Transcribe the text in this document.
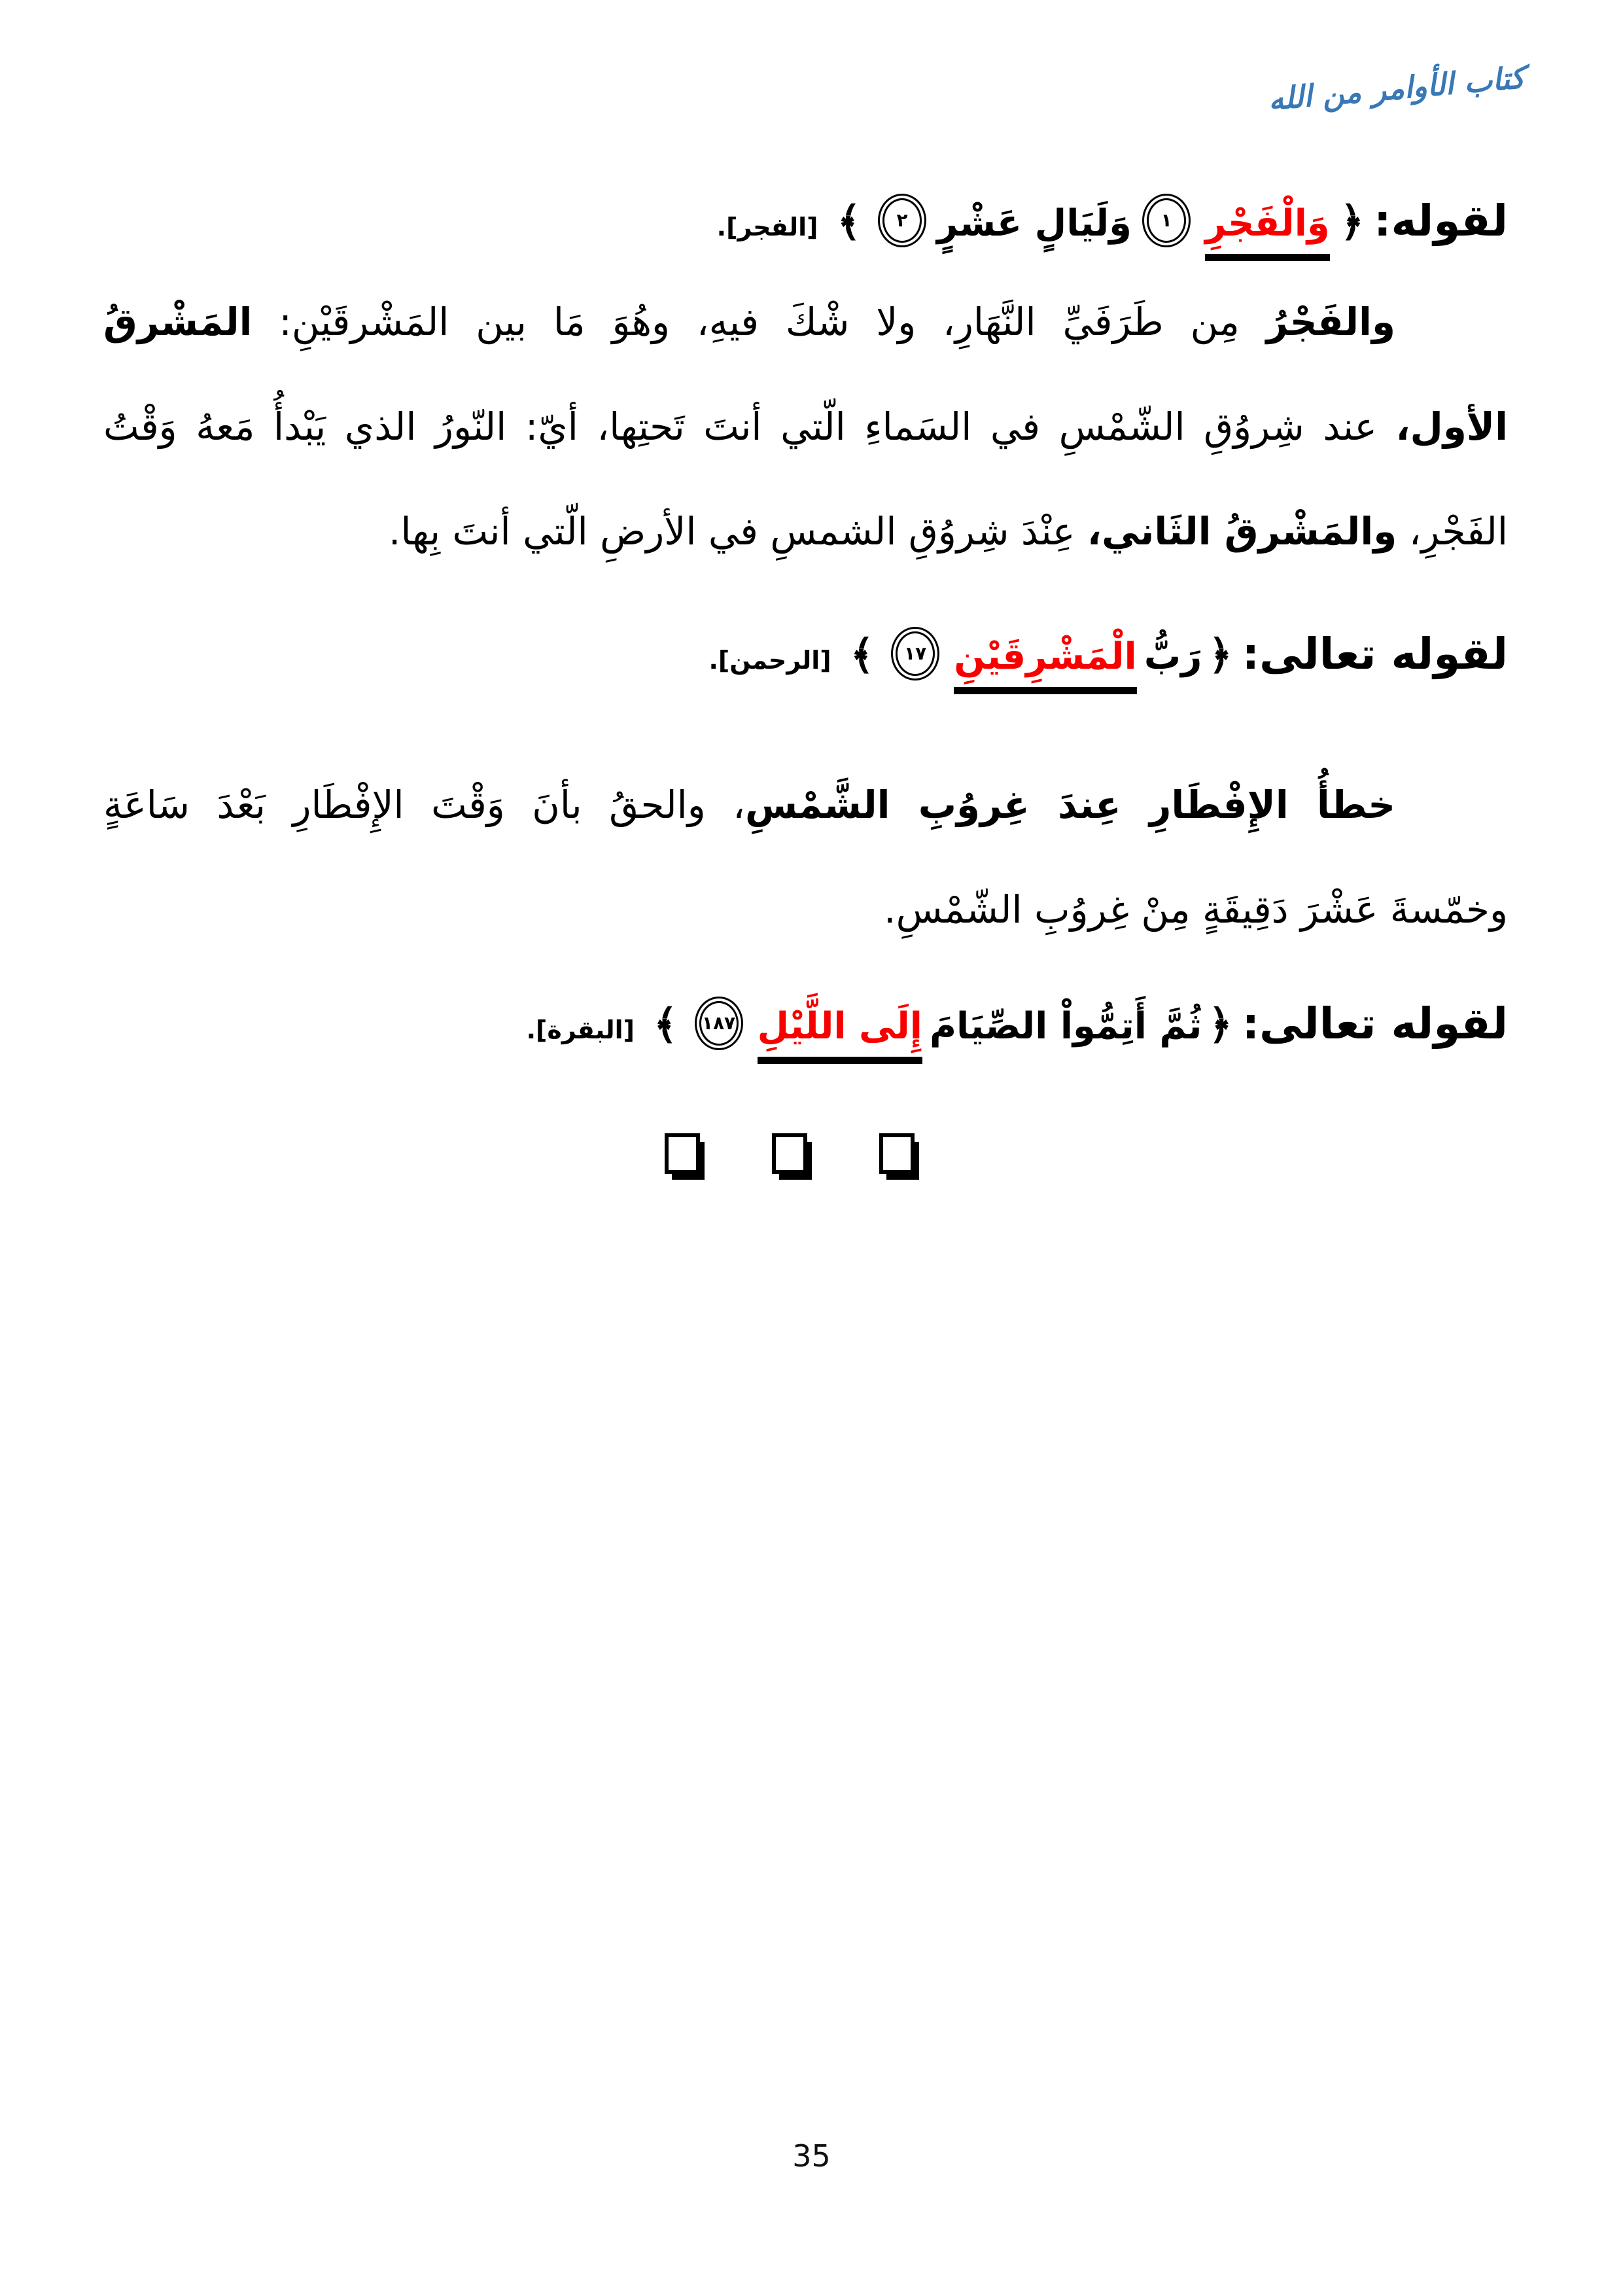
كتاب الأوامر من الله
لقوله: ﴿وَالْفَجْرِ ١ وَلَيَالٍ عَشْرٍ ٢ ﴾ [الفجر].
والفَجْرُ مِن طَرَفَيِّ النَّهَارِ، ولا شْكَ فيهِ، وهُوَ مَا بين المَشْرقَيْنِ: المَشْرقُ
الأول، عند شِروُقِ الشّمْسِ في السَماءِ الّتي أنتَ تَحتِها، أيّ: النّورُ الذي يَبْدأُ مَعهُ وَقْتُ
الفَجْرِ، والمَشْرقُ الثَاني، عِنْدَ شِروُقِ الشمسِ في الأرضِ الّتي أنتَ بِها.
لقوله تعالى: ﴿رَبُّ الْمَشْرِقَيْنِ ١٧ ﴾ [الرحمن].
خطأُ الإِفْطَارِ عِندَ غِروُبِ الشَّمْسِ، والحقُ بأنَ وَقْتَ الإِفْطَارِ بَعْدَ سَاعَةٍ
وخمّسةَ عَشْرَ دَقِيقَةٍ مِنْ غِروُبِ الشّمْسِ.
لقوله تعالى: ﴿ثُمَّ أَتِمُّواْ الصِّيَامَ إِلَى اللَّيْلِ ١٨٧ ﴾ [البقرة].
35
